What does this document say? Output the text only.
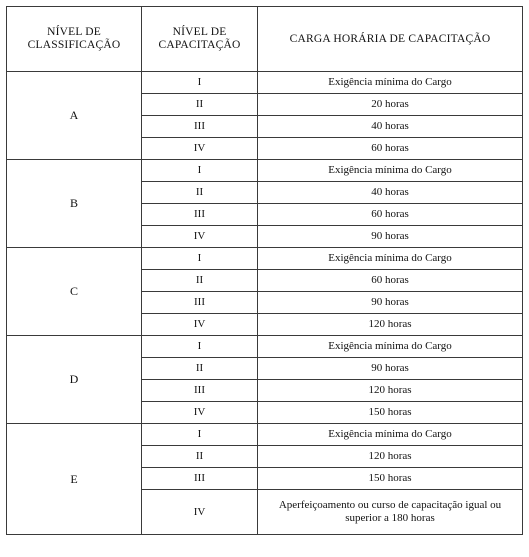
NÍVEL DE CLASSIFICAÇÃO	NÍVEL DE CAPACITAÇÃO	CARGA HORÁRIA DE CAPACITAÇÃO
A	I	Exigência mínima do Cargo
	II	20 horas
	III	40 horas
	IV	60 horas
B	I	Exigência mínima do Cargo
	II	40 horas
	III	60 horas
	IV	90 horas
C	I	Exigência mínima do Cargo
	II	60 horas
	III	90 horas
	IV	120 horas
D	I	Exigência mínima do Cargo
	II	90 horas
	III	120 horas
	IV	150 horas
E	I	Exigência mínima do Cargo
	II	120 horas
	III	150 horas
	IV	Aperfeiçoamento ou curso de capacitação igual ou superior a 180 horas
